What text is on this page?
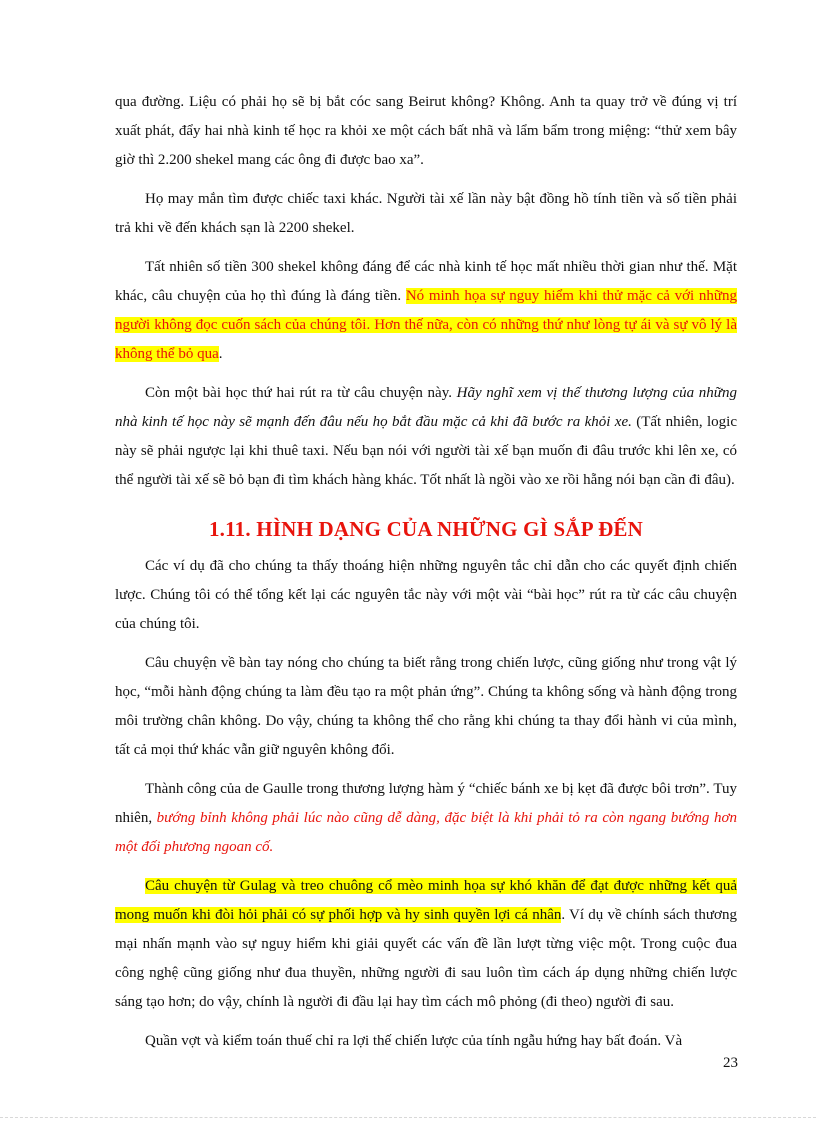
qua đường. Liệu có phải họ sẽ bị bắt cóc sang Beirut không? Không. Anh ta quay trở về đúng vị trí xuất phát, đẩy hai nhà kinh tế học ra khỏi xe một cách bất nhã và lẩm bẩm trong miệng: “thử xem bây giờ thì 2.200 shekel mang các ông đi được bao xa”.

Họ may mắn tìm được chiếc taxi khác. Người tài xế lần này bật đồng hồ tính tiền và số tiền phải trả khi về đến khách sạn là 2200 shekel.

Tất nhiên số tiền 300 shekel không đáng để các nhà kinh tế học mất nhiều thời gian như thế. Mặt khác, câu chuyện của họ thì đúng là đáng tiền. Nó minh họa sự nguy hiểm khi thử mặc cả với những người không đọc cuốn sách của chúng tôi. Hơn thế nữa, còn có những thứ như lòng tự ái và sự vô lý là không thể bỏ qua.

Còn một bài học thứ hai rút ra từ câu chuyện này. Hãy nghĩ xem vị thế thương lượng của những nhà kinh tế học này sẽ mạnh đến đâu nếu họ bắt đầu mặc cả khi đã bước ra khỏi xe. (Tất nhiên, logic này sẽ phải ngược lại khi thuê taxi. Nếu bạn nói với người tài xế bạn muốn đi đâu trước khi lên xe, có thể người tài xế sẽ bỏ bạn đi tìm khách hàng khác. Tốt nhất là ngồi vào xe rồi hẵng nói bạn cần đi đâu).

1.11. HÌNH DẠNG CỦA NHỮNG GÌ SẮP ĐẾN

Các ví dụ đã cho chúng ta thấy thoáng hiện những nguyên tắc chỉ dẫn cho các quyết định chiến lược. Chúng tôi có thể tổng kết lại các nguyên tắc này với một vài “bài học” rút ra từ các câu chuyện của chúng tôi.

Câu chuyện về bàn tay nóng cho chúng ta biết rằng trong chiến lược, cũng giống như trong vật lý học, “mỗi hành động chúng ta làm đều tạo ra một phản ứng”. Chúng ta không sống và hành động trong môi trường chân không. Do vậy, chúng ta không thể cho rằng khi chúng ta thay đổi hành vi của mình, tất cả mọi thứ khác vẫn giữ nguyên không đổi.

Thành công của de Gaulle trong thương lượng hàm ý “chiếc bánh xe bị kẹt đã được bôi trơn”. Tuy nhiên, bướng bỉnh không phải lúc nào cũng dễ dàng, đặc biệt là khi phải tỏ ra còn ngang bướng hơn một đối phương ngoan cố.

Câu chuyện từ Gulag và treo chuông cổ mèo minh họa sự khó khăn để đạt được những kết quả mong muốn khi đòi hỏi phải có sự phối hợp và hy sinh quyền lợi cá nhân. Ví dụ về chính sách thương mại nhấn mạnh vào sự nguy hiểm khi giải quyết các vấn đề lần lượt từng việc một. Trong cuộc đua công nghệ cũng giống như đua thuyền, những người đi sau luôn tìm cách áp dụng những chiến lược sáng tạo hơn; do vậy, chính là người đi đầu lại hay tìm cách mô phỏng (đi theo) người đi sau.

Quần vợt và kiểm toán thuế chỉ ra lợi thế chiến lược của tính ngẫu hứng hay bất đoán. Và

23
